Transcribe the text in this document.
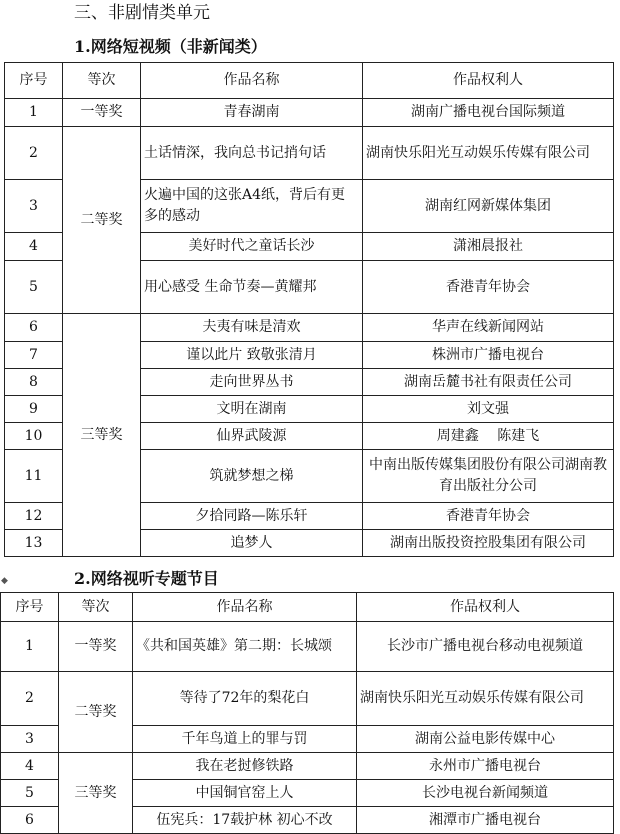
三、非剧情类单元
1.网络短视频（非新闻类）
序号	等次	作品名称	作品权利人
1	一等奖	青春湖南	湖南广播电视台国际频道
2	二等奖	土话情深，我向总书记捎句话	湖南快乐阳光互动娱乐传媒有限公司
3		火遍中国的这张A4纸，背后有更多的感动	湖南红网新媒体集团
4		美好时代之童话长沙	潇湘晨报社
5		用心感受 生命节奏—黄耀邦	香港青年协会
6	三等奖	夫夷有味是清欢	华声在线新闻网站
7		谨以此片 致敬张清月	株洲市广播电视台
8		走向世界丛书	湖南岳麓书社有限责任公司
9		文明在湖南	刘文强
10		仙界武陵源	周建鑫　 陈建飞
11		筑就梦想之梯	中南出版传媒集团股份有限公司湖南教育出版社分公司
12		夕拾同路—陈乐轩	香港青年协会
13		追梦人	湖南出版投资控股集团有限公司
◆	2.网络视听专题节目
序号	等次	作品名称	作品权利人
1	一等奖	《共和国英雄》第二期：长城颂	长沙市广播电视台移动电视频道
2	二等奖	等待了72年的梨花白	湖南快乐阳光互动娱乐传媒有限公司
3		千年鸟道上的罪与罚	湖南公益电影传媒中心
4	三等奖	我在老挝修铁路	永州市广播电视台
5		中国铜官窑上人	长沙电视台新闻频道
6		伍宪兵：17载护林 初心不改	湘潭市广播电视台
